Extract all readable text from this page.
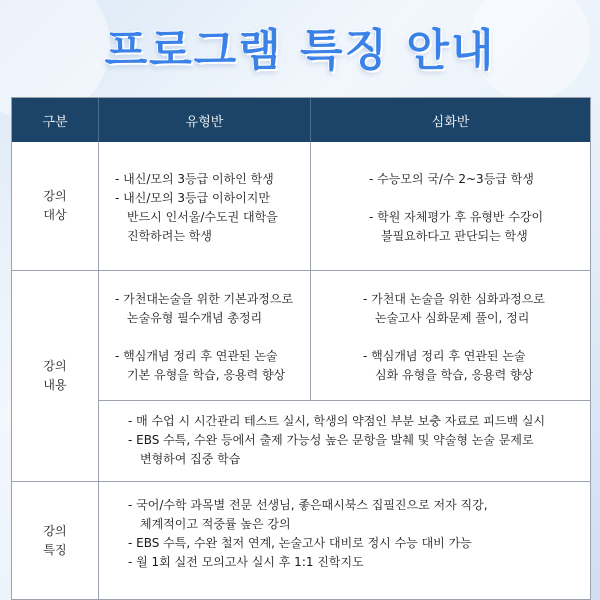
프로그램 특징 안내
구분	유형반	심화반
강의
대상
강의
내용
강의
특징
- 내신/모의 3등급 이하인 학생
- 내신/모의 3등급 이하이지만
반드시 인서울/수도권 대학을
진학하려는 학생
- 수능모의 국/수 2~3등급 학생
- 학원 자체평가 후 유형반 수강이
불필요하다고 판단되는 학생
- 가천대논술을 위한 기본과정으로
논술유형 필수개념 총정리
- 핵심개념 정리 후 연관된 논술
기본 유형을 학습, 응용력 향상
- 가천대 논술을 위한 심화과정으로
논술고사 심화문제 풀이, 정리
- 핵심개념 정리 후 연관된 논술
심화 유형을 학습, 응용력 향상
- 매 수업 시 시간관리 테스트 실시, 학생의 약점인 부분 보충 자료로 피드백 실시
- EBS 수특, 수완 등에서 출제 가능성 높은 문항을 발췌 및 약술형 논술 문제로
변형하여 집중 학습
- 국어/수학 과목별 전문 선생님, 좋은때시북스 집필진으로 저자 직강,
체계적이고 적중률 높은 강의
- EBS 수특, 수완 철저 연계, 논술고사 대비로 정시 수능 대비 가능
- 월 1회 실전 모의고사 실시 후 1:1 진학지도
